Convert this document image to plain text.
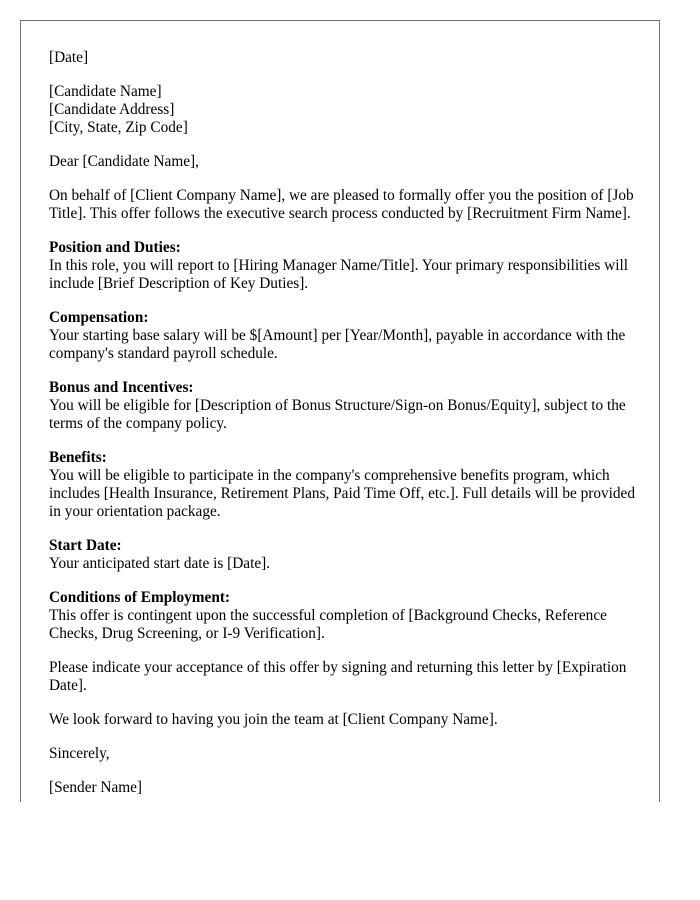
[Date]
[Candidate Name]
[Candidate Address]
[City, State, Zip Code]
Dear [Candidate Name],
On behalf of [Client Company Name], we are pleased to formally offer you the position of [Job Title]. This offer follows the executive search process conducted by [Recruitment Firm Name].
Position and Duties:
In this role, you will report to [Hiring Manager Name/Title]. Your primary responsibilities will include [Brief Description of Key Duties].
Compensation:
Your starting base salary will be $[Amount] per [Year/Month], payable in accordance with the company's standard payroll schedule.
Bonus and Incentives:
You will be eligible for [Description of Bonus Structure/Sign-on Bonus/Equity], subject to the terms of the company policy.
Benefits:
You will be eligible to participate in the company's comprehensive benefits program, which includes [Health Insurance, Retirement Plans, Paid Time Off, etc.]. Full details will be provided in your orientation package.
Start Date:
Your anticipated start date is [Date].
Conditions of Employment:
This offer is contingent upon the successful completion of [Background Checks, Reference Checks, Drug Screening, or I-9 Verification].
Please indicate your acceptance of this offer by signing and returning this letter by [Expiration Date].
We look forward to having you join the team at [Client Company Name].
Sincerely,
[Sender Name]
